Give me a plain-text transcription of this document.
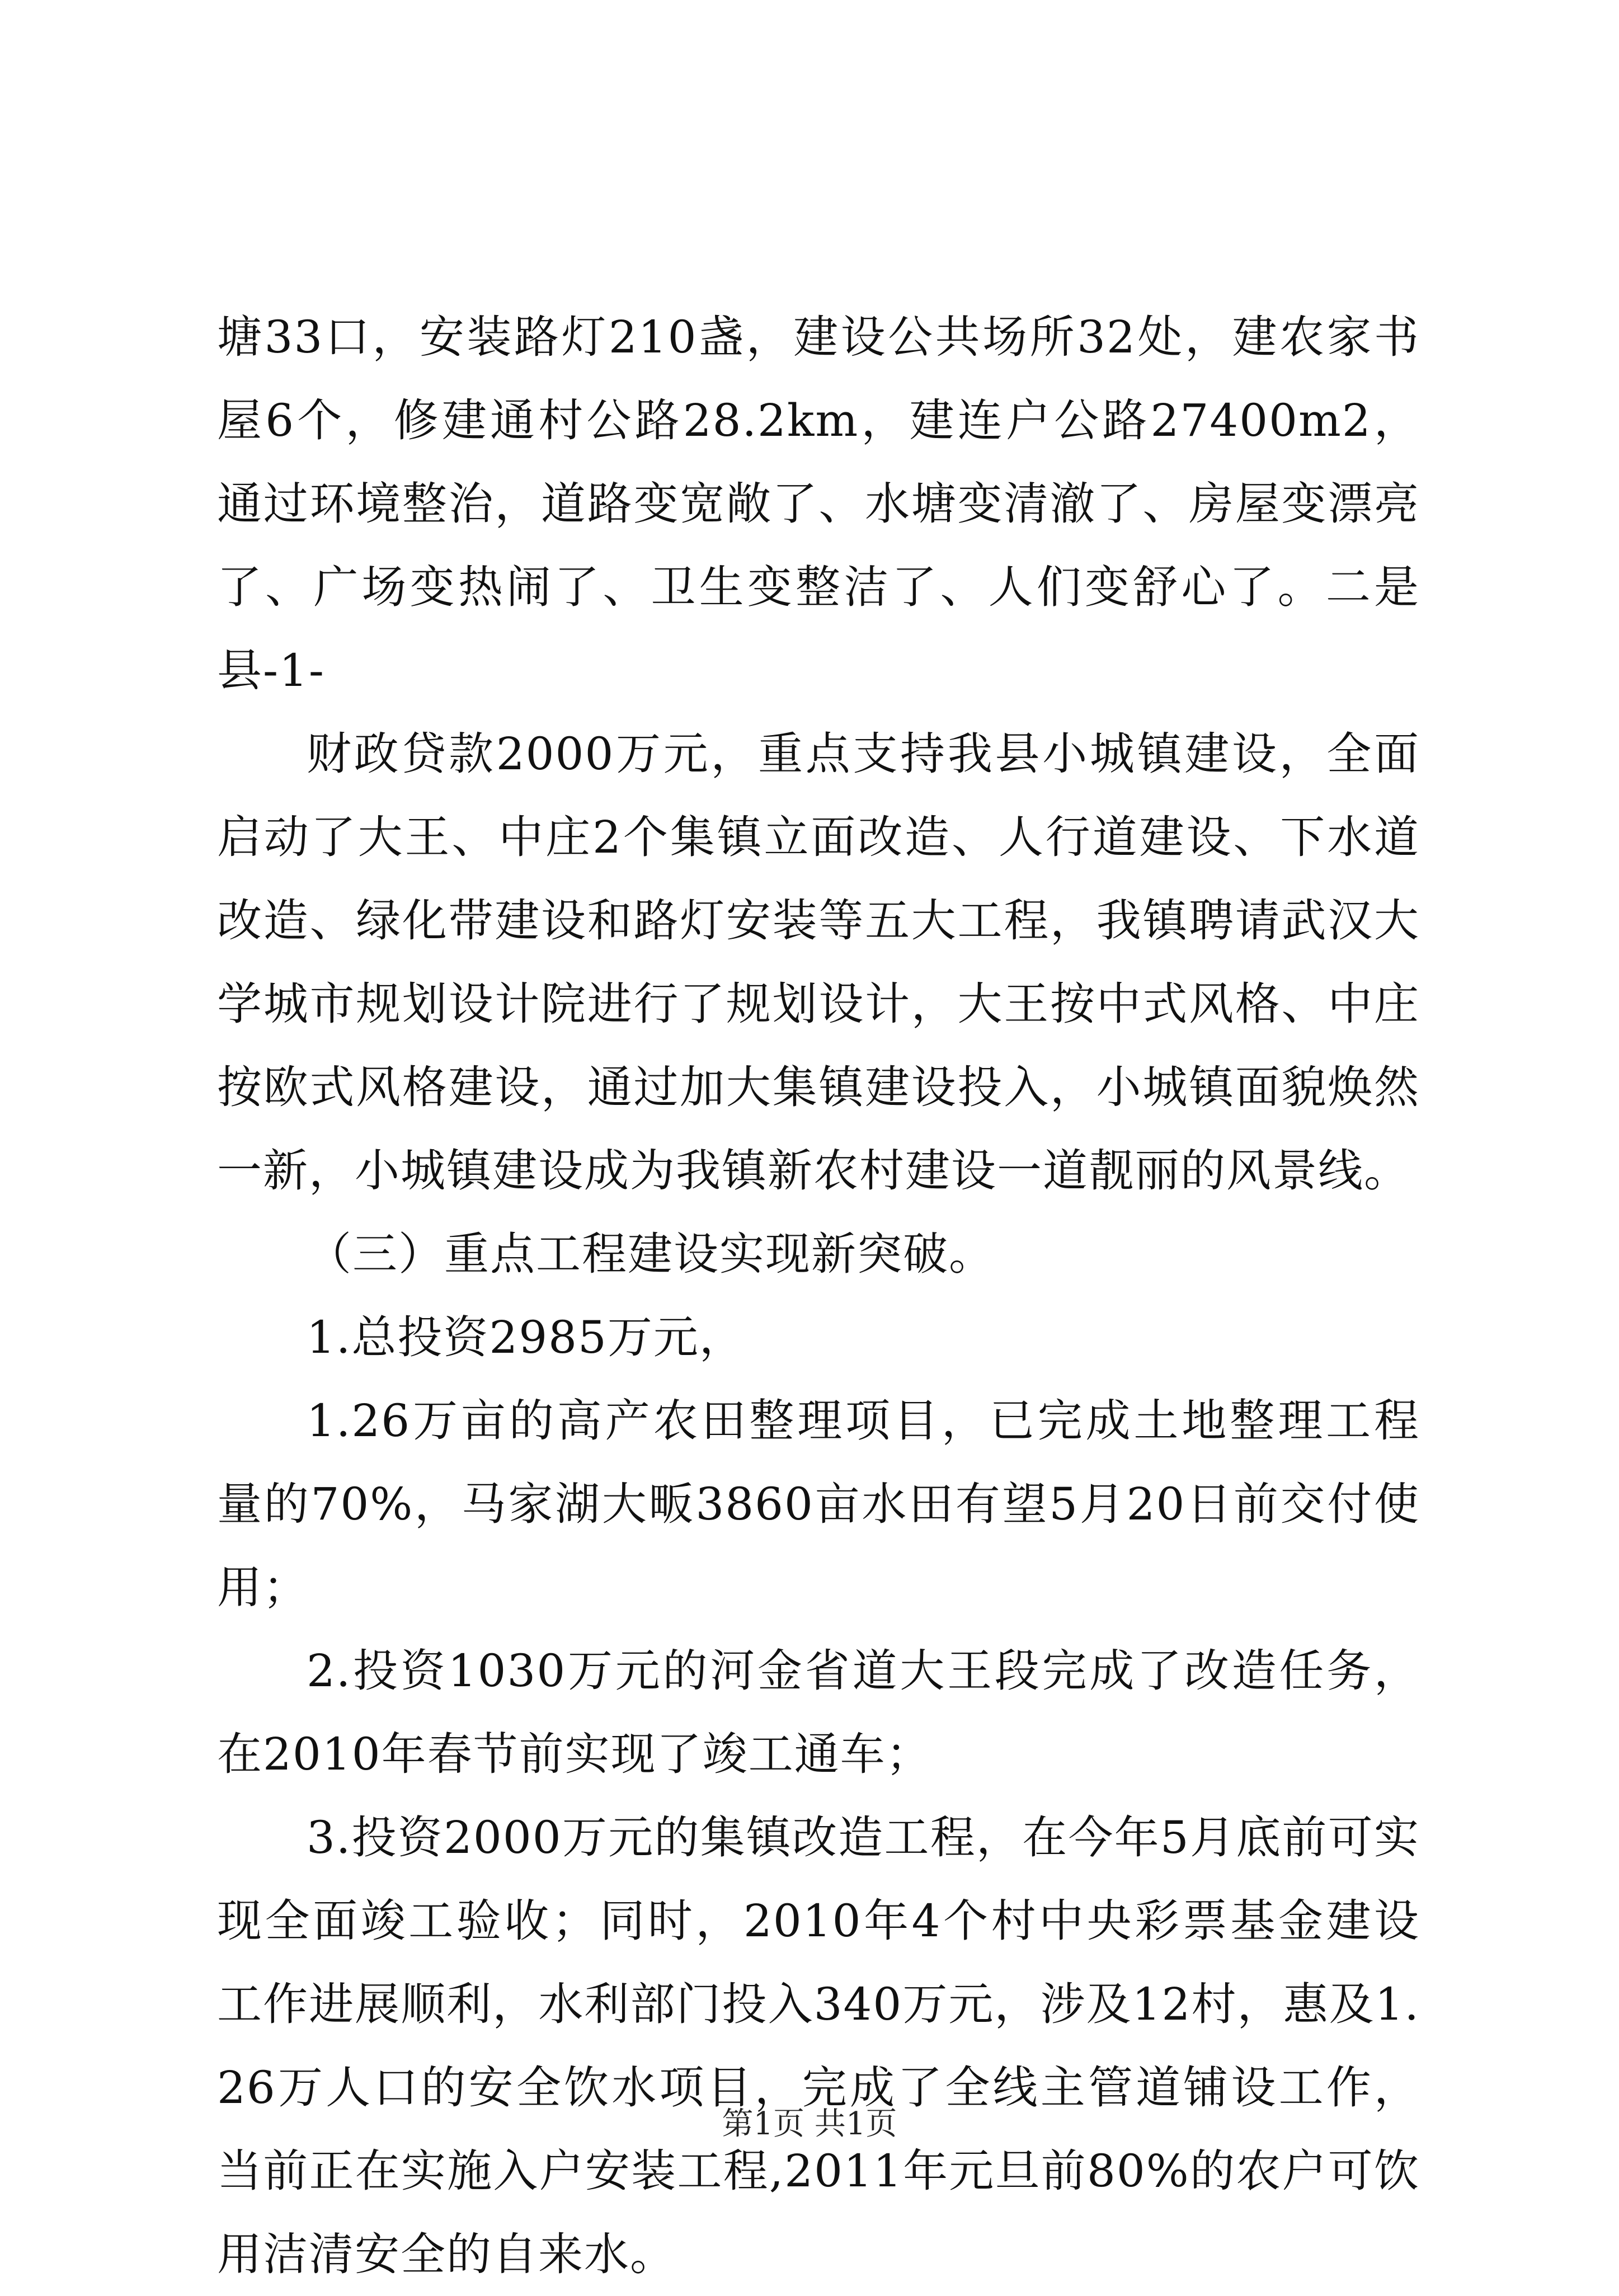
塘33口，安装路灯210盏，建设公共场所32处，建农家书屋6个，修建通村公路28.2km，建连户公路27400m2，通过环境整治，道路变宽敞了、水塘变清澈了、房屋变漂亮了、广场变热闹了、卫生变整洁了、人们变舒心了。二是县-1-

财政贷款2000万元，重点支持我县小城镇建设，全面启动了大王、中庄2个集镇立面改造、人行道建设、下水道改造、绿化带建设和路灯安装等五大工程，我镇聘请武汉大学城市规划设计院进行了规划设计，大王按中式风格、中庄按欧式风格建设，通过加大集镇建设投入，小城镇面貌焕然一新，小城镇建设成为我镇新农村建设一道靓丽的风景线。

（三）重点工程建设实现新突破。

1.总投资2985万元，

1.26万亩的高产农田整理项目，已完成土地整理工程量的70%，马家湖大畈3860亩水田有望5月20日前交付使用；

2.投资1030万元的河金省道大王段完成了改造任务，在2010年春节前实现了竣工通车；

3.投资2000万元的集镇改造工程，在今年5月底前可实现全面竣工验收；同时，2010年4个村中央彩票基金建设工作进展顺利，水利部门投入340万元，涉及12村，惠及1.26万人口的安全饮水项目，完成了全线主管道铺设工作，当前正在实施入户安装工程,2011年元旦前80%的农户可饮用洁清安全的自来水。

第1页 共1页
